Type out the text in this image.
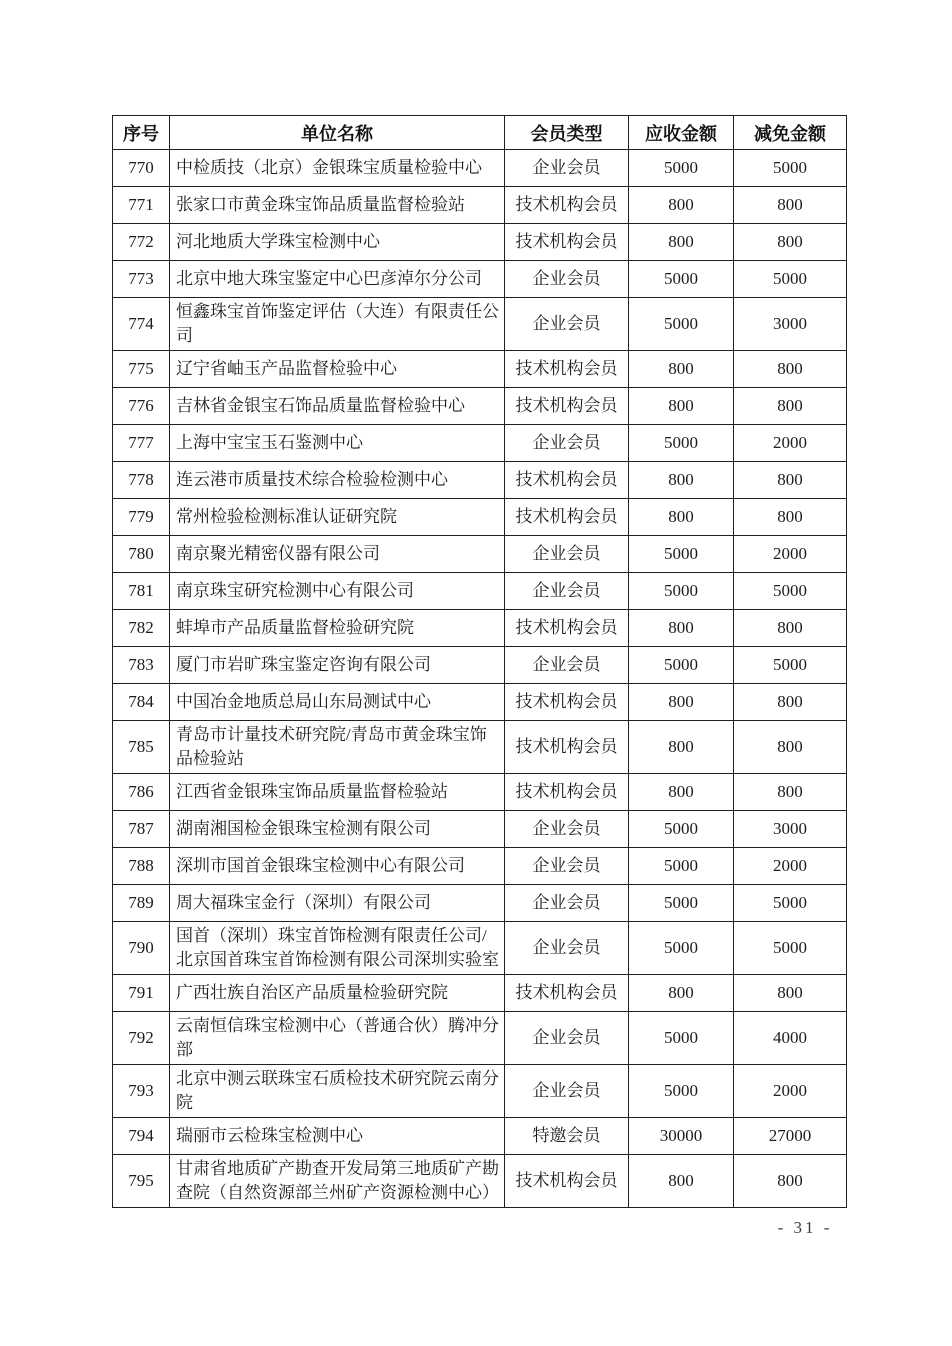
序号	单位名称	会员类型	应收金额	减免金额
770	中检质技（北京）金银珠宝质量检验中心	企业会员	5000	5000
771	张家口市黄金珠宝饰品质量监督检验站	技术机构会员	800	800
772	河北地质大学珠宝检测中心	技术机构会员	800	800
773	北京中地大珠宝鉴定中心巴彦淖尔分公司	企业会员	5000	5000
774	恒鑫珠宝首饰鉴定评估（大连）有限责任公司	企业会员	5000	3000
775	辽宁省岫玉产品监督检验中心	技术机构会员	800	800
776	吉林省金银宝石饰品质量监督检验中心	技术机构会员	800	800
777	上海中宝宝玉石鉴测中心	企业会员	5000	2000
778	连云港市质量技术综合检验检测中心	技术机构会员	800	800
779	常州检验检测标准认证研究院	技术机构会员	800	800
780	南京聚光精密仪器有限公司	企业会员	5000	2000
781	南京珠宝研究检测中心有限公司	企业会员	5000	5000
782	蚌埠市产品质量监督检验研究院	技术机构会员	800	800
783	厦门市岩旷珠宝鉴定咨询有限公司	企业会员	5000	5000
784	中国冶金地质总局山东局测试中心	技术机构会员	800	800
785	青岛市计量技术研究院/青岛市黄金珠宝饰品检验站	技术机构会员	800	800
786	江西省金银珠宝饰品质量监督检验站	技术机构会员	800	800
787	湖南湘国检金银珠宝检测有限公司	企业会员	5000	3000
788	深圳市国首金银珠宝检测中心有限公司	企业会员	5000	2000
789	周大福珠宝金行（深圳）有限公司	企业会员	5000	5000
790	国首（深圳）珠宝首饰检测有限责任公司/北京国首珠宝首饰检测有限公司深圳实验室	企业会员	5000	5000
791	广西壮族自治区产品质量检验研究院	技术机构会员	800	800
792	云南恒信珠宝检测中心（普通合伙）腾冲分部	企业会员	5000	4000
793	北京中测云联珠宝石质检技术研究院云南分院	企业会员	5000	2000
794	瑞丽市云检珠宝检测中心	特邀会员	30000	27000
795	甘肃省地质矿产勘查开发局第三地质矿产勘查院（自然资源部兰州矿产资源检测中心）	技术机构会员	800	800
- 31 -
